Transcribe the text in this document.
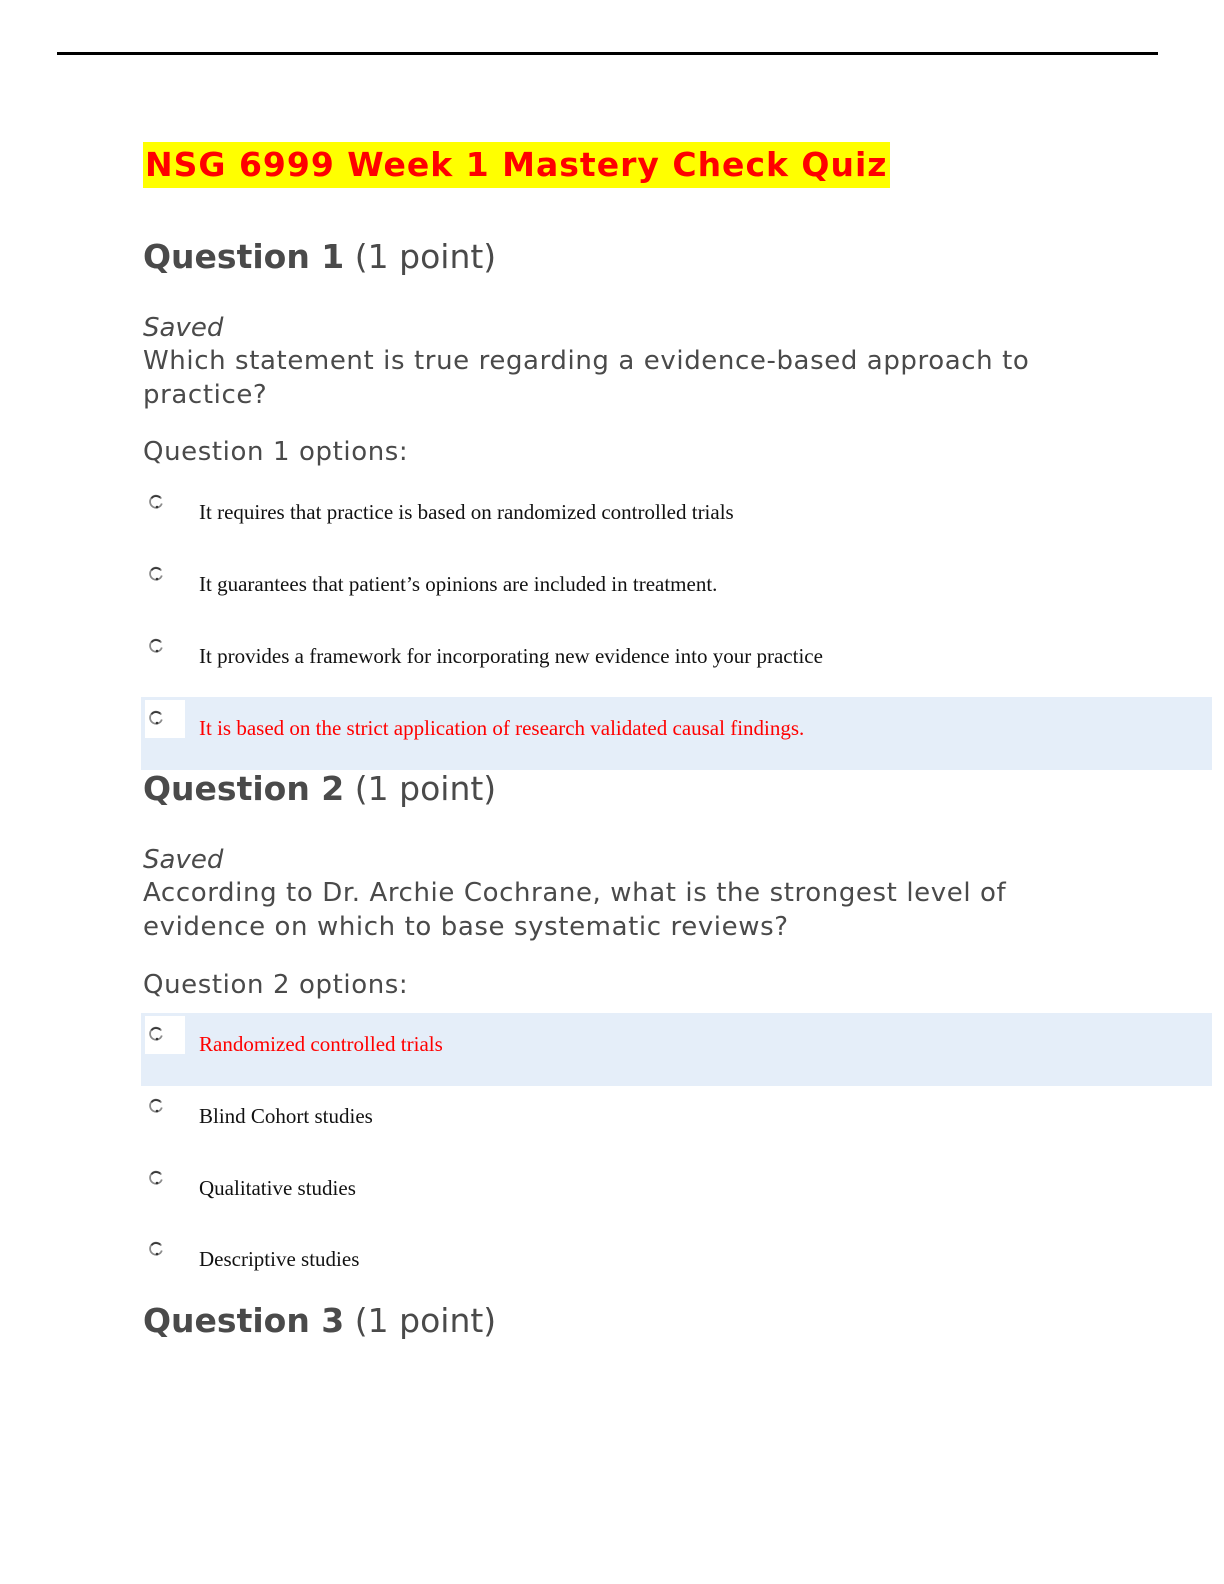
NSG 6999 Week 1 Mastery Check Quiz
Question 1 (1 point)
Saved
Which statement is true regarding a evidence-based approach to practice?
Question 1 options:
It requires that practice is based on randomized controlled trials
It guarantees that patient’s opinions are included in treatment.
It provides a framework for incorporating new evidence into your practice
It is based on the strict application of research validated causal findings.
Question 2 (1 point)
Saved
According to Dr. Archie Cochrane, what is the strongest level of evidence on which to base systematic reviews?
Question 2 options:
Randomized controlled trials
Blind Cohort studies
Qualitative studies
Descriptive studies
Question 3 (1 point)
